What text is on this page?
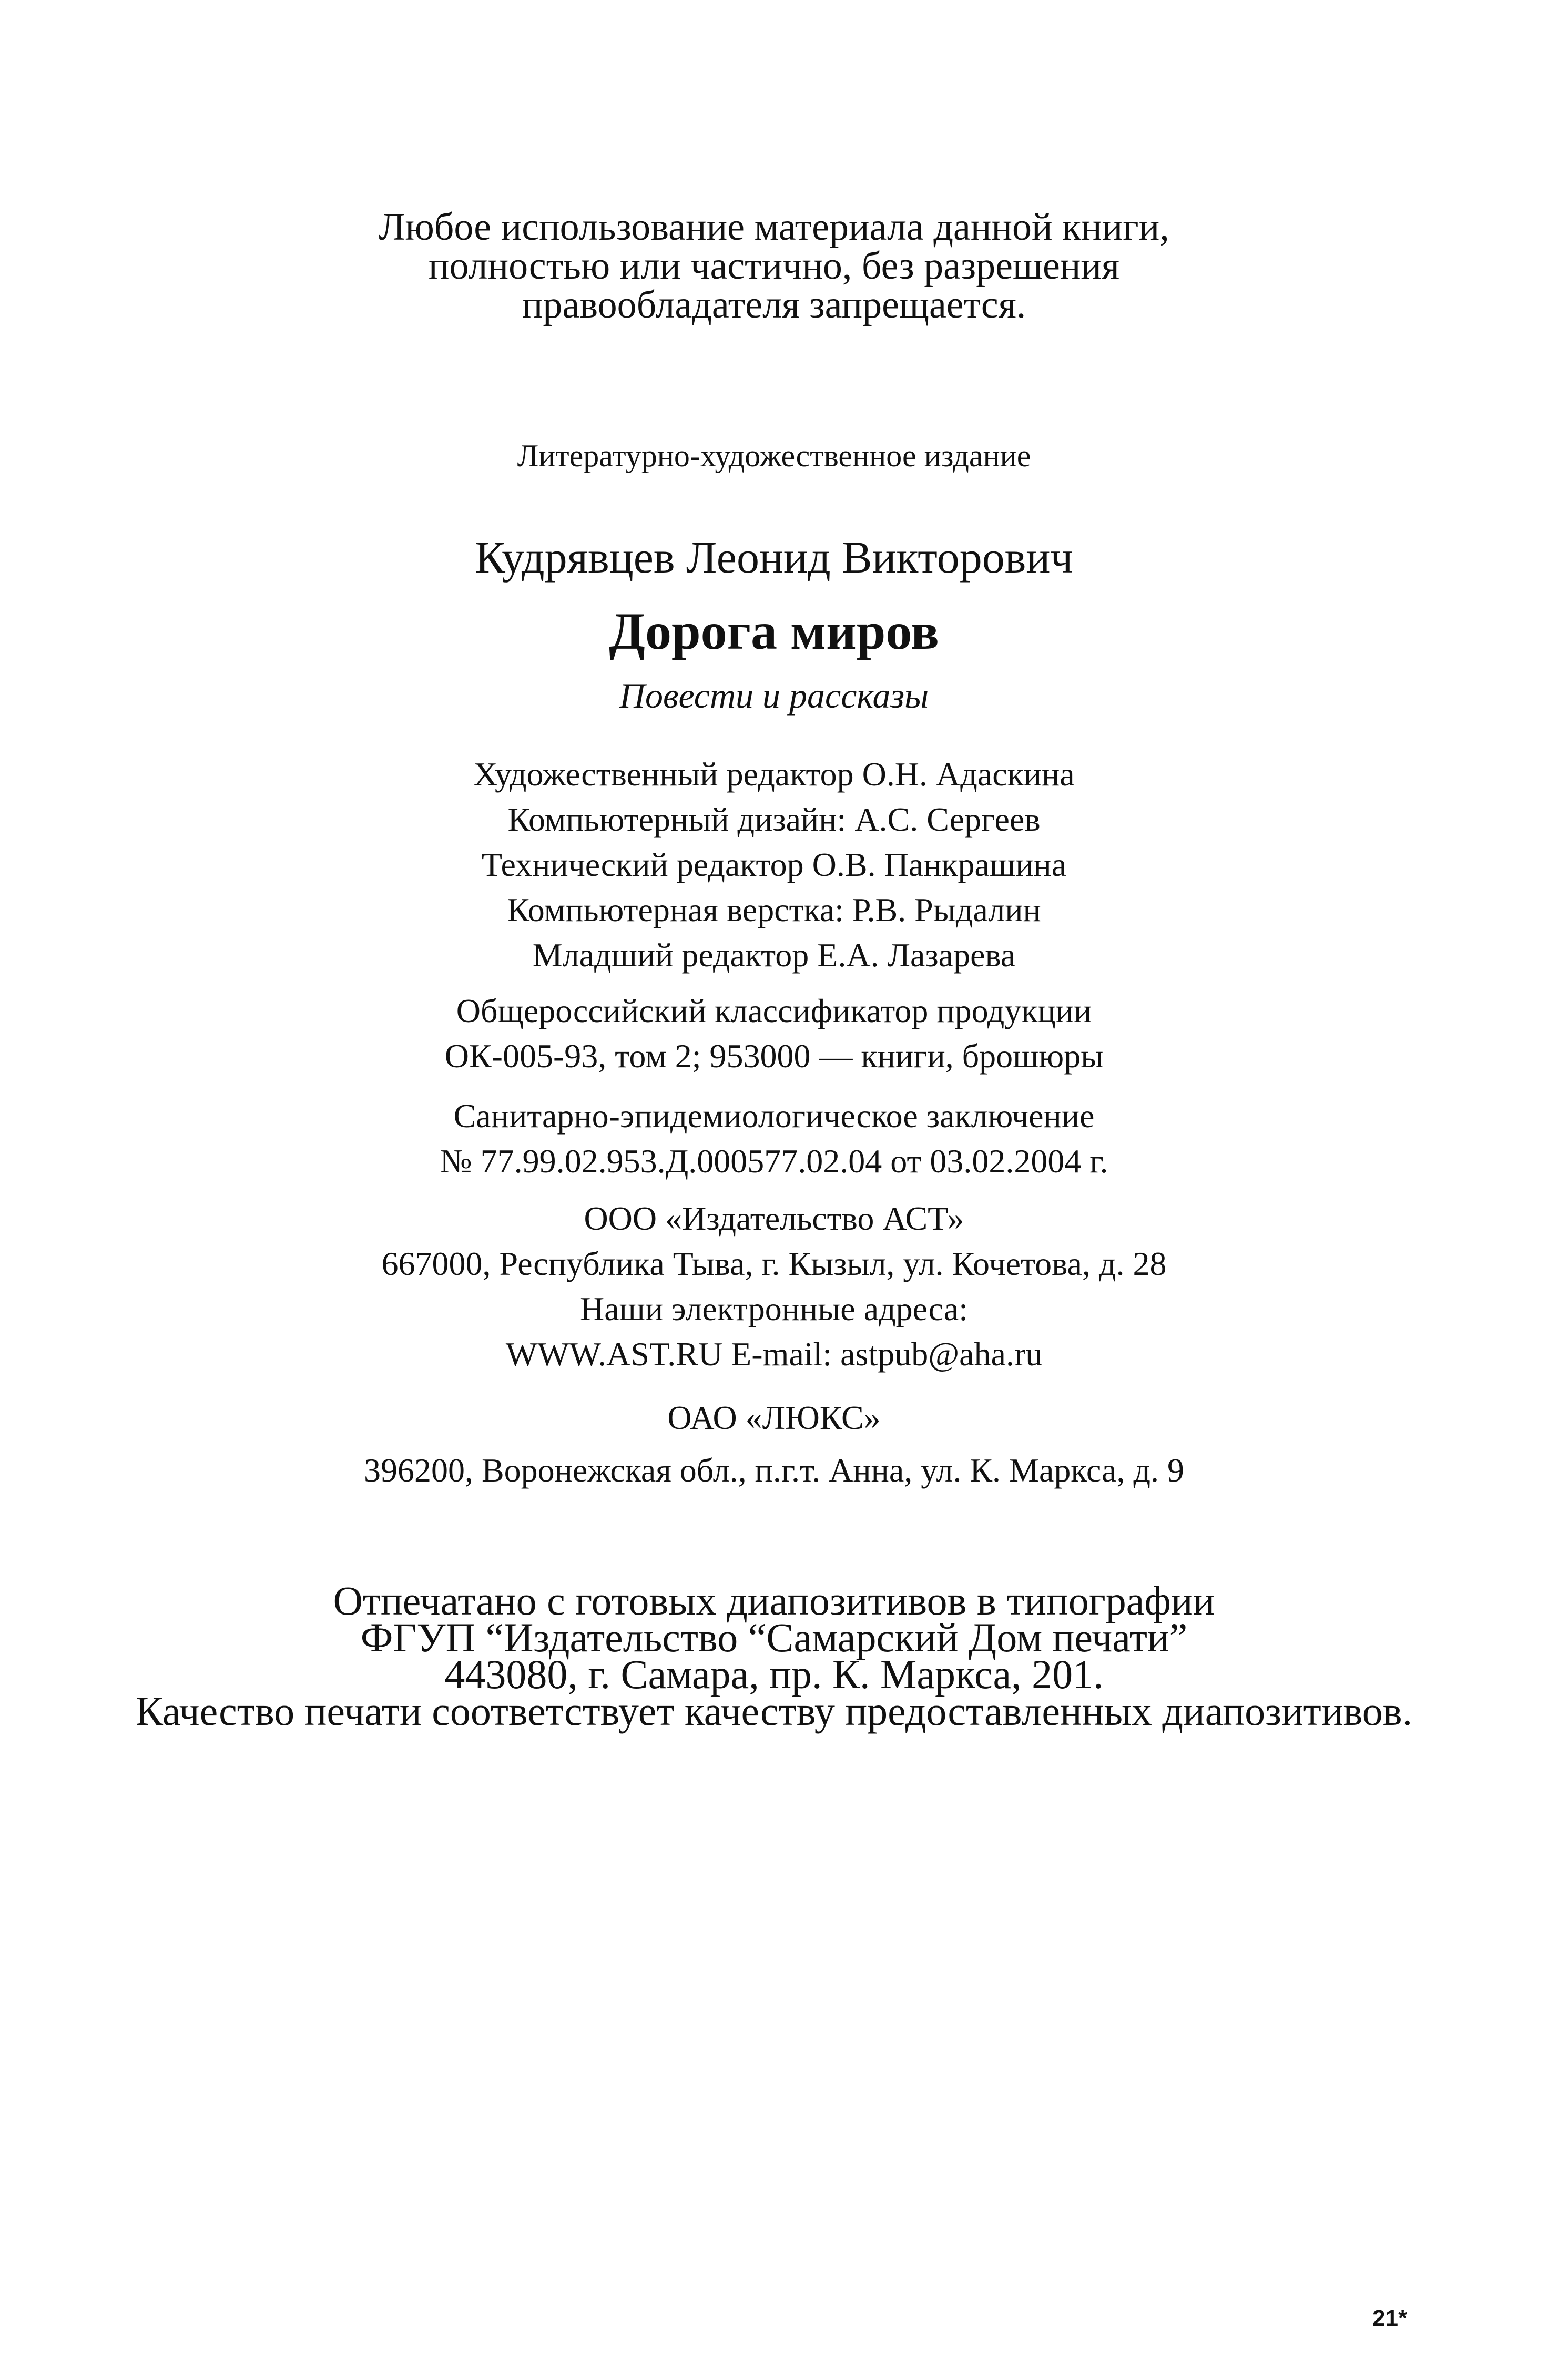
Любое использование материала данной книги,
полностью или частично, без разрешения
правообладателя запрещается.
Литературно-художественное издание
Кудрявцев Леонид Викторович
Дорога миров
Повести и рассказы
Художественный редактор О.Н. Адаскина
Компьютерный дизайн: А.С. Сергеев
Технический редактор О.В. Панкрашина
Компьютерная верстка: Р.В. Рыдалин
Младший редактор Е.А. Лазарева
Общероссийский классификатор продукции
ОК-005-93, том 2; 953000 — книги, брошюры
Санитарно-эпидемиологическое заключение
№ 77.99.02.953.Д.000577.02.04 от 03.02.2004 г.
ООО «Издательство АСТ»
667000, Республика Тыва, г. Кызыл, ул. Кочетова, д. 28
Наши электронные адреса:
WWW.AST.RU E-mail: astpub@aha.ru
ОАО «ЛЮКС»
396200, Воронежская обл., п.г.т. Анна, ул. К. Маркса, д. 9
Отпечатано с готовых диапозитивов в типографии
ФГУП “Издательство “Самарский Дом печати”
443080, г. Самара, пр. К. Маркса, 201.
Качество печати соответствует качеству предоставленных диапозитивов.
21*
